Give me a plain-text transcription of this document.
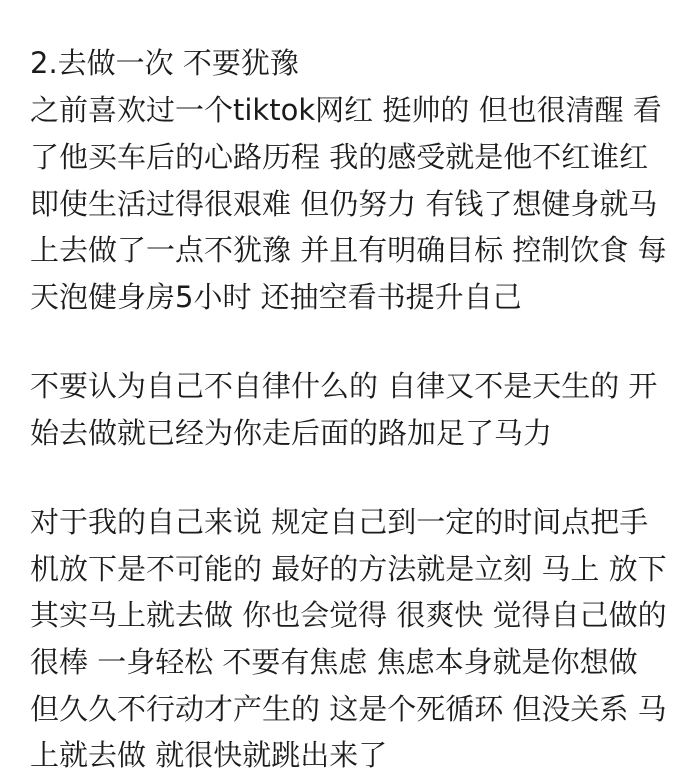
2.去做一次 不要犹豫
之前喜欢过一个tiktok网红 挺帅的 但也很清醒 看
了他买车后的心路历程 我的感受就是他不红谁红
即使生活过得很艰难 但仍努力 有钱了想健身就马
上去做了一点不犹豫 并且有明确目标 控制饮食 每
天泡健身房5小时 还抽空看书提升自己
不要认为自己不自律什么的 自律又不是天生的 开
始去做就已经为你走后面的路加足了马力
对于我的自己来说 规定自己到一定的时间点把手
机放下是不可能的 最好的方法就是立刻 马上 放下
其实马上就去做 你也会觉得 很爽快 觉得自己做的
很棒 一身轻松 不要有焦虑 焦虑本身就是你想做
但久久不行动才产生的 这是个死循环 但没关系 马
上就去做 就很快就跳出来了
